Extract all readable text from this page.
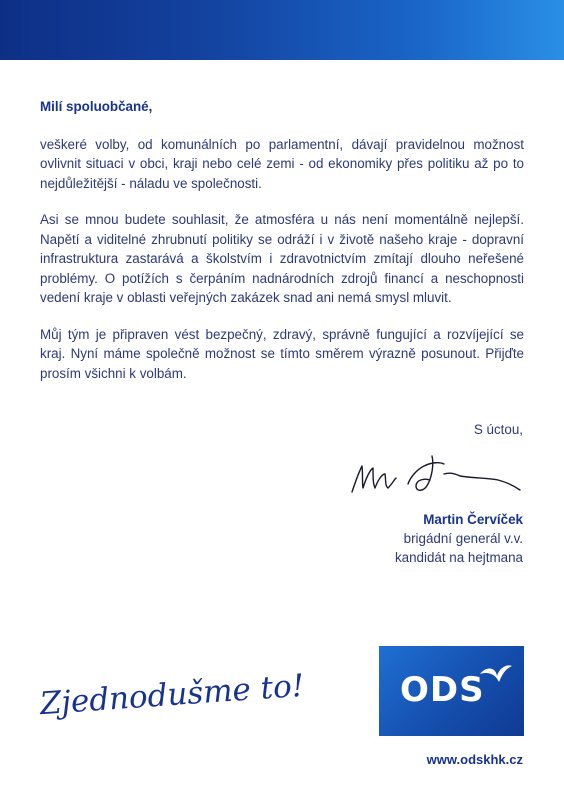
Milí spoluobčané,

veškeré volby, od komunálních po parlamentní, dávají pravidelnou možnost ovlivnit situaci v obci, kraji nebo celé zemi - od ekonomiky přes politiku až po to nejdůležitější - náladu ve společnosti.

Asi se mnou budete souhlasit, že atmosféra u nás není momentálně nejlepší. Napětí a viditelné zhrubnutí politiky se odráží i v životě našeho kraje - dopravní infrastruktura zastarává a školstvím i zdravotnictvím zmítají dlouho neřešené problémy. O potížích s čerpáním nadnárodních zdrojů financí a neschopnosti vedení kraje v oblasti veřejných zakázek snad ani nemá smysl mluvit.

Můj tým je připraven vést bezpečný, zdravý, správně fungující a rozvíjející se kraj. Nyní máme společně možnost se tímto směrem výrazně posunout. Přijďte prosím všichni k volbám.

S úctou,
Martin Červíček
brigádní generál v.v.
kandidát na hejtmana
Zjednodušme to!	ODS
www.odskhk.cz
